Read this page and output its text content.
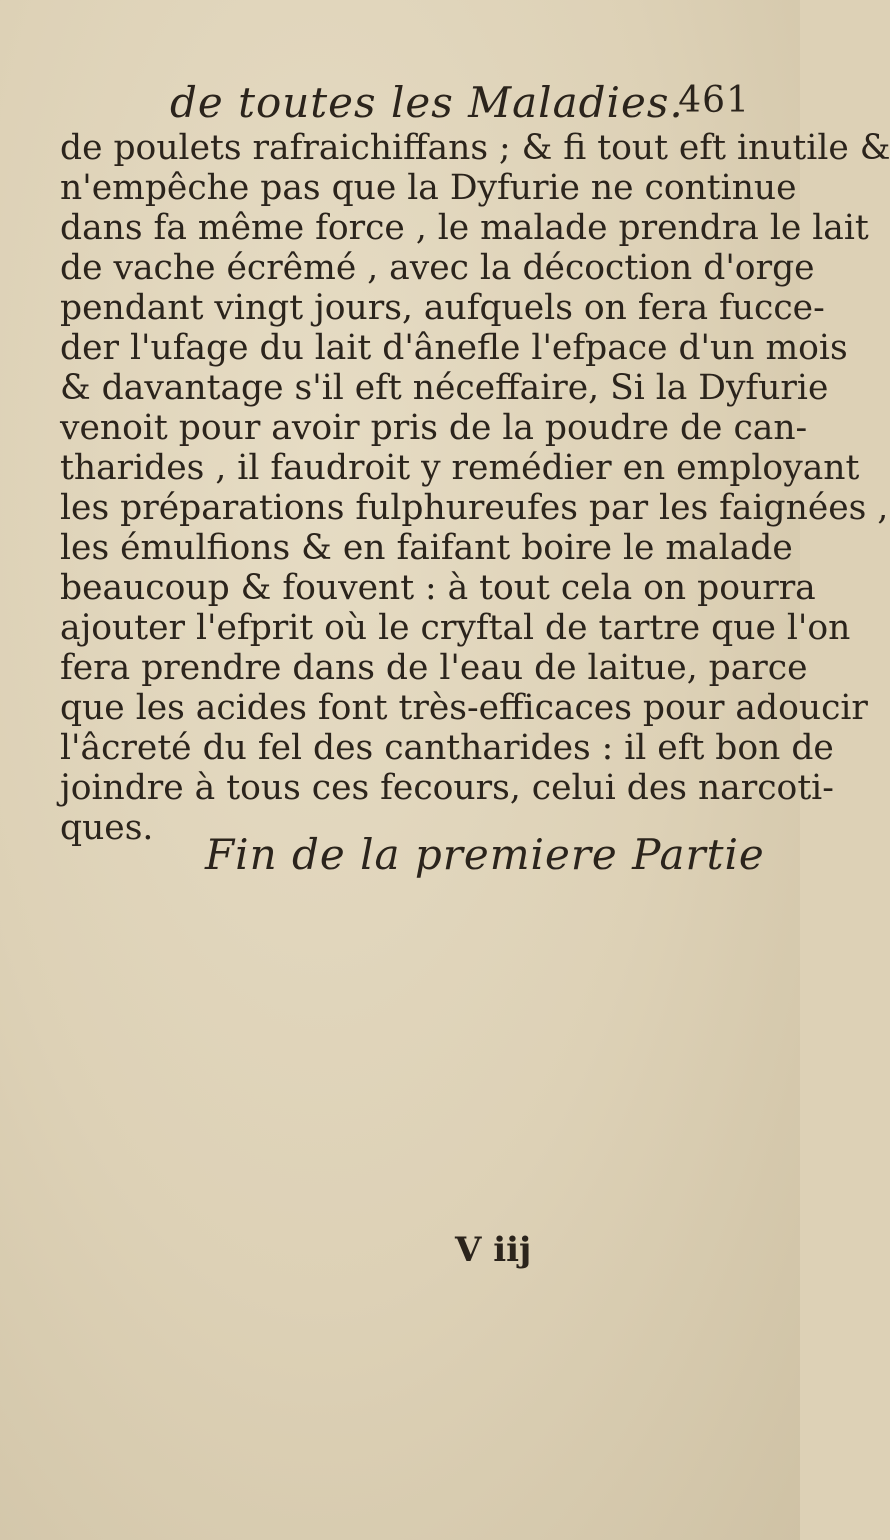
de toutes les Maladies.
461
de poulets rafraichiffans ; & fi tout eft inutile &
n'empêche pas que la Dyfurie ne continue
dans fa même force , le malade prendra le lait
de vache écrêmé , avec la décoction d'orge
pendant vingt jours, aufquels on fera fucce-
der l'ufage du lait d'ânefle l'efpace d'un mois
& davantage s'il eft néceffaire, Si la Dyfurie
venoit pour avoir pris de la poudre de can-
tharides , il faudroit y remédier en employant
les préparations fulphureufes par les faignées ,
les émulfions & en faifant boire le malade
beaucoup & fouvent : à tout cela on pourra
ajouter l'efprit où le cryftal de tartre que l'on
fera prendre dans de l'eau de laitue, parce
que les acides font très-efficaces pour adoucir
l'âcreté du fel des cantharides : il eft bon de
joindre à tous ces fecours, celui des narcoti-
ques.
Fin de la premiere Partie
V iij
